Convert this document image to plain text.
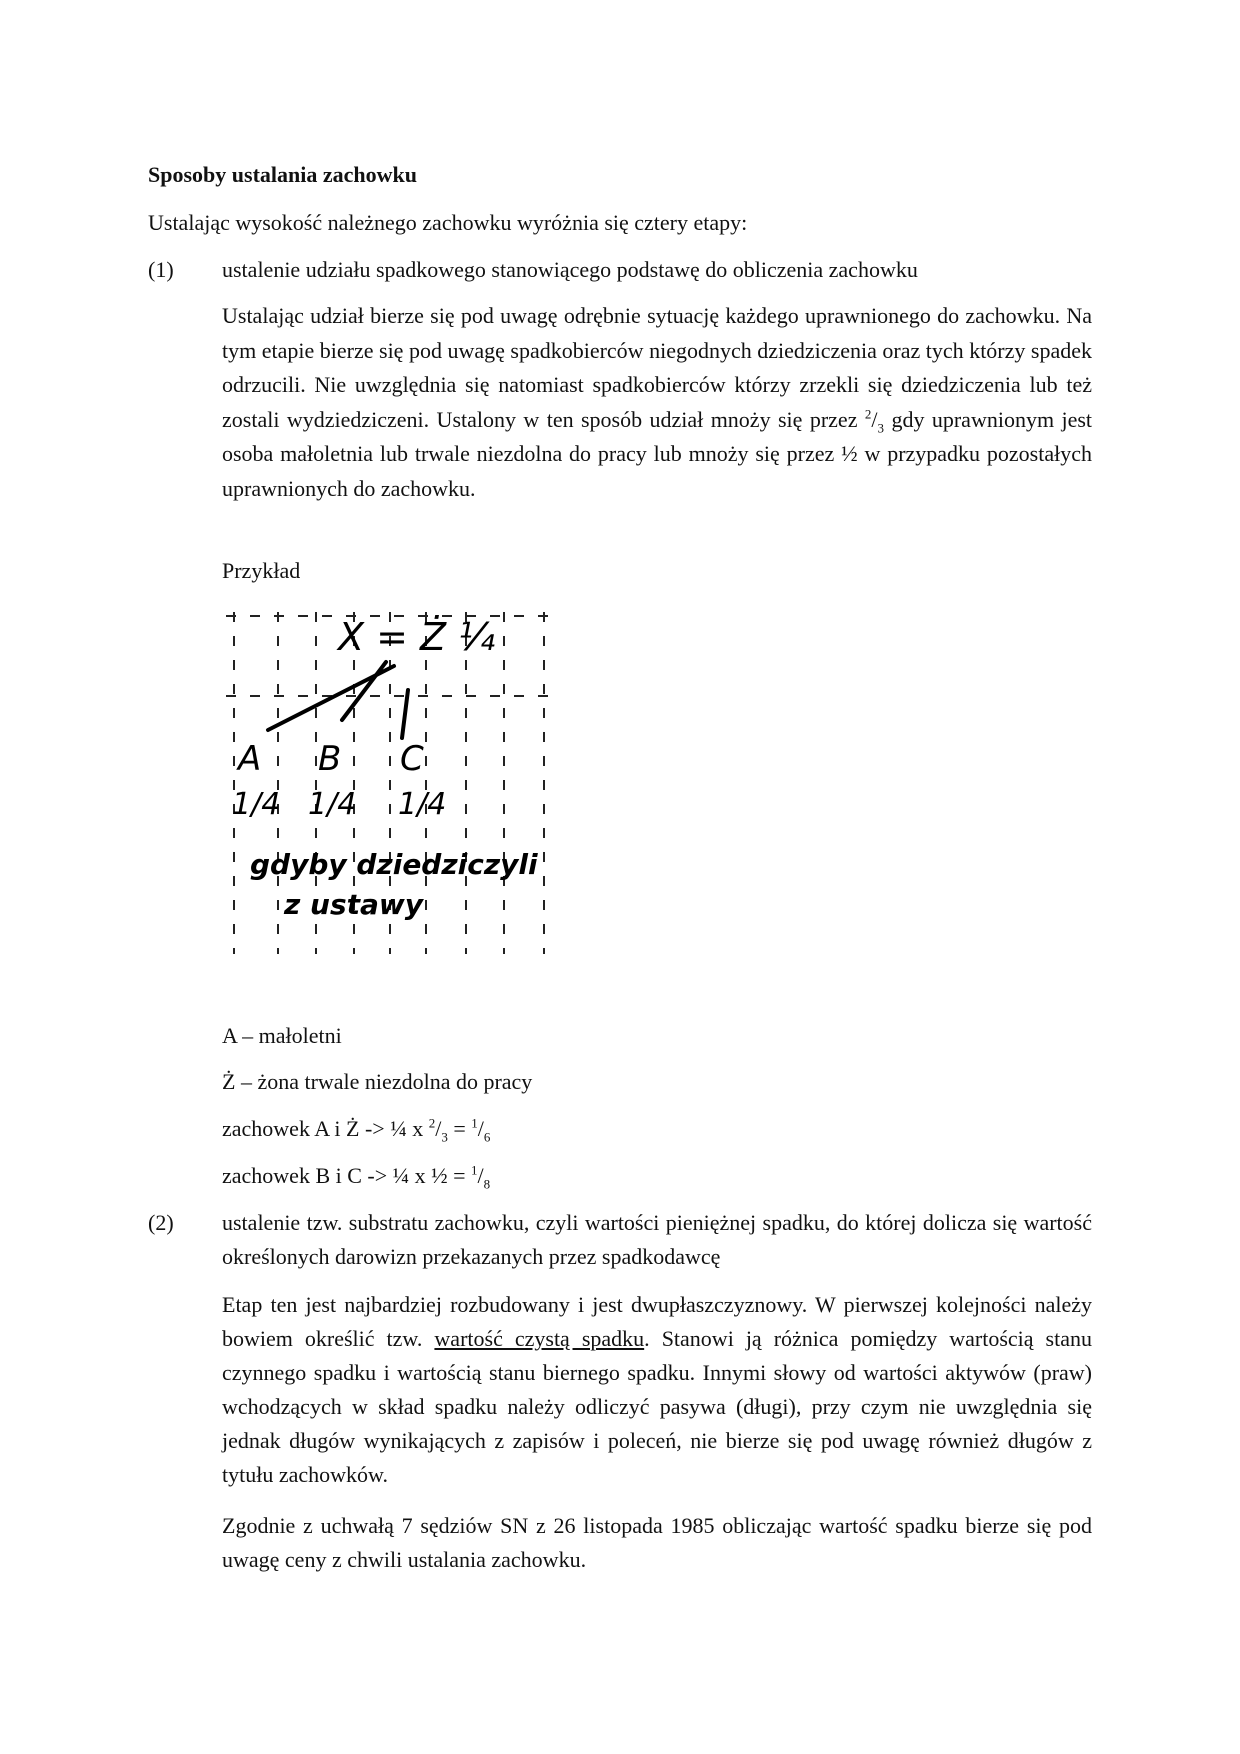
Sposoby ustalania zachowku
Ustalając wysokość należnego zachowku wyróżnia się cztery etapy:
(1) ustalenie udziału spadkowego stanowiącego podstawę do obliczenia zachowku
Ustalając udział bierze się pod uwagę odrębnie sytuację każdego uprawnionego do zachowku. Na tym etapie bierze się pod uwagę spadkobierców niegodnych dziedziczenia oraz tych którzy spadek odrzucili. Nie uwzględnia się natomiast spadkobierców którzy zrzekli się dziedziczenia lub też zostali wydziedziczeni. Ustalony w ten sposób udział mnoży się przez $^2/_3$ gdy uprawnionym jest osoba małoletnia lub trwale niezdolna do pracy lub mnoży się przez ½ w przypadku pozostałych uprawnionych do zachowku.
Przykład
X = Ż ¼
A B C
1/4 1/4 1/4
gdyby dziedziczyli
z ustawy
A – małoletni
Ż – żona trwale niezdolna do pracy
zachowek A i Ż -> ¼ x $^2/_3 = ^1/_6$
zachowek B i C -> ¼ x ½ = $^1/_8$
(2) ustalenie tzw. substratu zachowku, czyli wartości pieniężnej spadku, do której dolicza się wartość określonych darowizn przekazanych przez spadkodawcę
Etap ten jest najbardziej rozbudowany i jest dwupłaszczyznowy. W pierwszej kolejności należy bowiem określić tzw. wartość czystą spadku. Stanowi ją różnica pomiędzy wartością stanu czynnego spadku i wartością stanu biernego spadku. Innymi słowy od wartości aktywów (praw) wchodzących w skład spadku należy odliczyć pasywa (długi), przy czym nie uwzględnia się jednak długów wynikających z zapisów i poleceń, nie bierze się pod uwagę również długów z tytułu zachowków.
Zgodnie z uchwałą 7 sędziów SN z 26 listopada 1985 obliczając wartość spadku bierze się pod uwagę ceny z chwili ustalania zachowku.
